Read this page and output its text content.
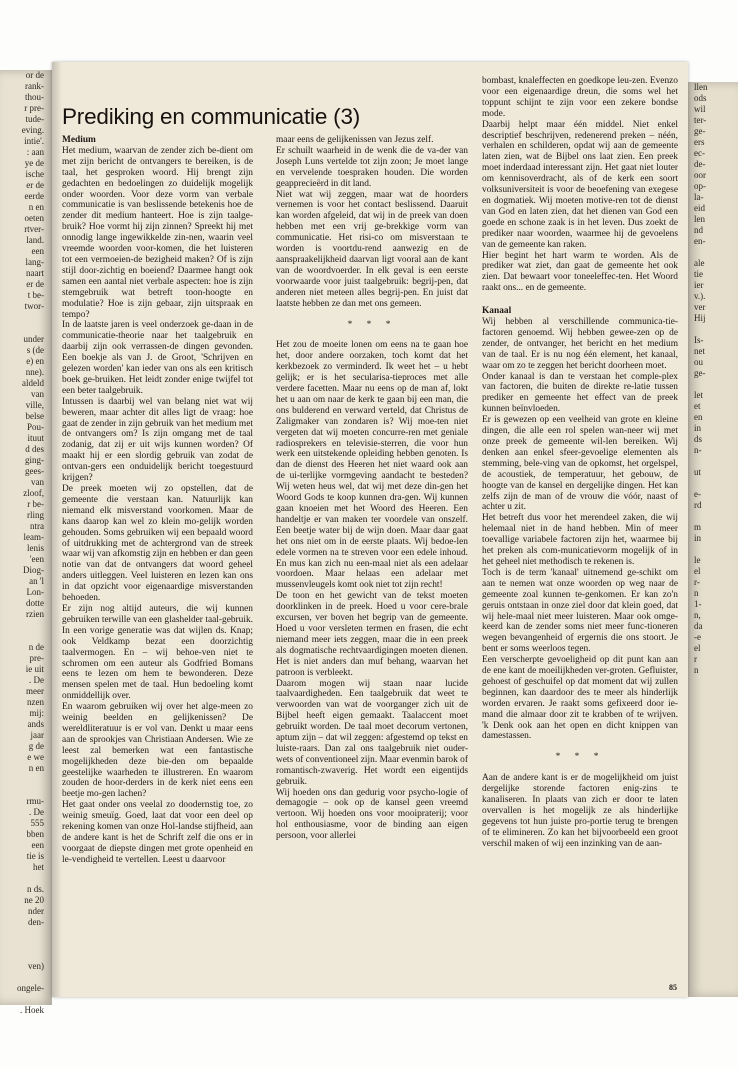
or de
rank-
thou-
r pre-
tude-
eving.
intie'.
: aan
ye de
ische
er de
eerde
n en
oeten
rtver-
land.
een
lang-
naart
er de
t be-
twor-

under
s (de
e) en
nne).
aldeld
van
ville,
belse
Pou-
ituut
d des
ging-
gees-
van
zloof,
r be-
rling
ntra
leam-
lenis
'een
Diog-
an 'l
Lon-
dotte
rzien

n de
pre-
ie uit
. De
meer
nzen
mij:
ands
jaar
g de
e we
n en

rmu-
. De
555
bben
een
tie is
het

n ds.
ne 20
nder
den-

ven)

ongele-

. Hoek
llen
ods
wil
ter-
ge-
ers
ec-
de-
oor
op-
la-
eid
len
nd
en-

ale
tie
ier
v.).
ver
Hij

Is-
net
ou
ge-

let
et
en
in
ds
n-

ut

e-
rd

m
in

le
el
r-
n
1-
n,
da
-e
el
r
n
Prediking en communicatie (3)

Medium

Het medium, waarvan de zender zich be-dient om met zijn bericht de ontvangers te bereiken, is de taal, het gesproken woord. Hij brengt zijn gedachten en bedoelingen zo duidelijk mogelijk onder woorden. Voor deze vorm van verbale communicatie is van beslissende betekenis hoe de zender dit medium hanteert. Hoe is zijn taalge-bruik? Hoe vormt hij zijn zinnen? Spreekt hij met onnodig lange ingewikkelde zin-nen, waarin veel vreemde woorden voor-komen, die het luisteren tot een vermoeien-de bezigheid maken? Of is zijn stijl door-zichtig en boeiend? Daarmee hangt ook samen een aantal niet verbale aspecten: hoe is zijn stemgebruik wat betreft toon-hoogte en modulatie? Hoe is zijn gebaar, zijn uitspraak en tempo?

In de laatste jaren is veel onderzoek ge-daan in de communicatie-theorie naar het taalgebruik en daarbij zijn ook verrassen-de dingen gevonden. Een boekje als van J. de Groot, 'Schrijven en gelezen worden' kan ieder van ons als een kritisch boek ge-bruiken. Het leidt zonder enige twijfel tot een beter taalgebruik.

Intussen is daarbij wel van belang niet wat wij beweren, maar achter dit alles ligt de vraag: hoe gaat de zender in zijn gebruik van het medium met de ontvangers om? Is zijn omgang met de taal zodanig, dat zij er uit wijs kunnen worden? Of maakt hij er een slordig gebruik van zodat de ontvan-gers een onduidelijk bericht toegestuurd krijgen?

De preek moeten wij zo opstellen, dat de gemeente die verstaan kan. Natuurlijk kan niemand elk misverstand voorkomen. Maar de kans daarop kan wel zo klein mo-gelijk worden gehouden. Soms gebruiken wij een bepaald woord of uitdrukking met de achtergrond van de streek waar wij van afkomstig zijn en hebben er dan geen notie van dat de ontvangers dat woord geheel anders uitleggen. Veel luisteren en lezen kan ons in dat opzicht voor eigenaardige misverstanden behoeden.

Er zijn nog altijd auteurs, die wij kunnen gebruiken terwille van een glashelder taal-gebruik. In een vorige generatie was dat wijlen ds. Knap; ook Veldkamp bezat een doorzichtig taalvermogen. En – wij behoe-ven niet te schromen om een auteur als Godfried Bomans eens te lezen om hem te bewonderen. Deze mensen spelen met de taal. Hun bedoeling komt onmiddellijk over.

En waarom gebruiken wij over het alge-meen zo weinig beelden en gelijkenissen? De wereldliteratuur is er vol van. Denkt u maar eens aan de sprookjes van Christiaan Andersen. Wie ze leest zal bemerken wat een fantastische mogelijkheden deze bie-den om bepaalde geestelijke waarheden te illustreren. En waarom zouden de hoor-derders in de kerk niet eens een beetje mo-gen lachen?

Het gaat onder ons veelal zo doodernstig toe, zo weinig smeuïg. Goed, laat dat voor een deel op rekening komen van onze Hol-landse stijfheid, aan de andere kant is het de Schrift zelf die ons er in voorgaat de diepste dingen met grote openheid en le-vendigheid te vertellen. Leest u daarvoor

maar eens de gelijkenissen van Jezus zelf.

Er schuilt waarheid in de wenk die de va-der van Joseph Luns vertelde tot zijn zoon; Je moet lange en vervelende toespraken houden. Die worden geapprecieërd in dit land.

Niet wat wij zeggen, maar wat de hoorders vernemen is voor het contact beslissend. Daaruit kan worden afgeleid, dat wij in de preek van doen hebben met een vrij ge-brekkige vorm van communicatie. Het risi-co om misverstaan te worden is voortdu-rend aanwezig en de aanspraakelijkheid daarvan ligt vooral aan de kant van de woordvoerder. In elk geval is een eerste voorwaarde voor juist taalgebruik: begrij-pen, dat anderen niet meteen alles begrij-pen. En juist dat laatste hebben ze dan met ons gemeen.

* * *

Het zou de moeite lonen om eens na te gaan hoe het, door andere oorzaken, toch komt dat het kerkbezoek zo verminderd. Ik weet het – u hebt gelijk; er is het secularisa-tieproces met alle verdere facetten. Maar nu eens op de man af, lokt het u aan om naar de kerk te gaan bij een man, die ons bulderend en verward verteld, dat Christus de Zaligmaker van zondaren is? Wij moe-ten niet vergeten dat wij moeten concurre-ren met geniale radiosprekers en televisie-sterren, die voor hun werk een uitstekende opleiding hebben genoten. Is dan de dienst des Heeren het niet waard ook aan de ui-terlijke vormgeving aandacht te besteden? Wij weten heus wel, dat wij met deze din-gen het Woord Gods te koop kunnen dra-gen. Wij kunnen gaan knoeien met het Woord des Heeren. Een handeltje er van maken ter voordele van onszelf. Een beetje water bij de wijn doen. Maar daar gaat het ons niet om in de eerste plaats. Wij bedoe-len edele vormen na te streven voor een edele inhoud. En mus kan zich nu een-maal niet als een adelaar voordoen. Maar helaas een adelaar met mussenvleugels komt ook niet tot zijn recht!

De toon en het gewicht van de tekst moeten doorklinken in de preek. Hoed u voor cere-brale excursen, ver boven het begrip van de gemeente. Hoed u voor versleten termen en frasen, die echt niemand meer iets zeggen, maar die in een preek als dogmatische rechtvaardigingen moeten dienen. Het is niet anders dan muf behang, waarvan het patroon is verbleekt.

Daarom mogen wij staan naar lucide taalvaardigheden. Een taalgebruik dat weet te verwoorden van wat de voorganger zich uit de Bijbel heeft eigen gemaakt. Taalaccent moet gebruikt worden. De taal moet decorum vertonen, aptum zijn – dat wil zeggen: afgestemd op tekst en luiste-raars. Dan zal ons taalgebruik niet ouder-wets of conventioneel zijn. Maar evenmin barok of romantisch-zwaverig. Het wordt een eigentijds gebruik.

Wij hoeden ons dan gedurig voor psycho-logie of demagogie – ook op de kansel geen vreemd vertoon. Wij hoeden ons voor mooipraterij; voor hol enthousiasme, voor de binding aan eigen persoon, voor allerlei

bombast, knaleffecten en goedkope leu-zen. Evenzo voor een eigenaardige dreun, die soms wel het toppunt schijnt te zijn voor een zekere bondse mode.

Daarbij helpt maar één middel. Niet enkel descriptief beschrijven, redenerend preken – néén, verhalen en schilderen, opdat wij aan de gemeente laten zien, wat de Bijbel ons laat zien. Een preek moet inderdaad interessant zijn. Het gaat niet louter om kennisoverdracht, als of de kerk een soort volksuniversiteit is voor de beoefening van exegese en dogmatiek. Wij moeten motive-ren tot de dienst van God en laten zien, dat het dienen van God een goede en schone zaak is in het leven. Dus zoekt de prediker naar woorden, waarmee hij de gevoelens van de gemeente kan raken.

Hier begint het hart warm te worden. Als de prediker wat ziet, dan gaat de gemeente het ook zien. Dat bewaart voor toneeleffec-ten. Het Woord raakt ons... en de gemeente.

Kanaal

Wij hebben al verschillende communica-tie-factoren genoemd. Wij hebben gewee-zen op de zender, de ontvanger, het bericht en het medium van de taal. Er is nu nog één element, het kanaal, waar om zo te zeggen het bericht doorheen moet.

Onder kanaal is dan te verstaan het comple-plex van factoren, die buiten de direkte re-latie tussen prediker en gemeente het effect van de preek kunnen beïnvloeden.

Er is gewezen op een veelheid van grote en kleine dingen, die alle een rol spelen wan-neer wij met onze preek de gemeente wil-len bereiken. Wij denken aan enkel sfeer-gevoelige elementen als stemming, bele-ving van de opkomst, het orgelspel, de acoustiek, de temperatuur, het gebouw, de hoogte van de kansel en dergelijke dingen. Het kan zelfs zijn de man of de vrouw die vóór, naast of achter u zit.

Het betreft dus voor het merendeel zaken, die wij helemaal niet in de hand hebben. Min of meer toevallige variabele factoren zijn het, waarmee bij het preken als com-municatievorm mogelijk of in het geheel niet methodisch te rekenen is.

Toch is de term 'kanaal' uitnemend ge-schikt om aan te nemen wat onze woorden op weg naar de gemeente zoal kunnen te-genkomen. Er kan zo'n geruis ontstaan in onze ziel door dat klein goed, dat wij hele-maal niet meer luisteren. Maar ook omge-keerd kan de zender soms niet meer func-tioneren wegen bevangenheid of ergernis die ons stoort. Je bent er soms weerloos tegen.

Een verscherpte gevoeligheid op dit punt kan aan de ene kant de moeilijkheden ver-groten. Gefluister, gehoest of geschuifel op dat moment dat wij zullen beginnen, kan daardoor des te meer als hinderlijk worden ervaren. Je raakt soms gefixeerd door ie-mand die almaar door zit te krabben of te wrijven. 'k Denk ook aan het open en dicht knippen van damestassen.

* * *

Aan de andere kant is er de mogelijkheid om juist dergelijke storende factoren enig-zins te kanaliseren. In plaats van zich er door te laten overvallen is het mogelijk ze als hinderlijke gegevens tot hun juiste pro-portie terug te brengen of te elimineren. Zo kan het bijvoorbeeld een groot verschil maken of wij een inzinking van de aan-

85
